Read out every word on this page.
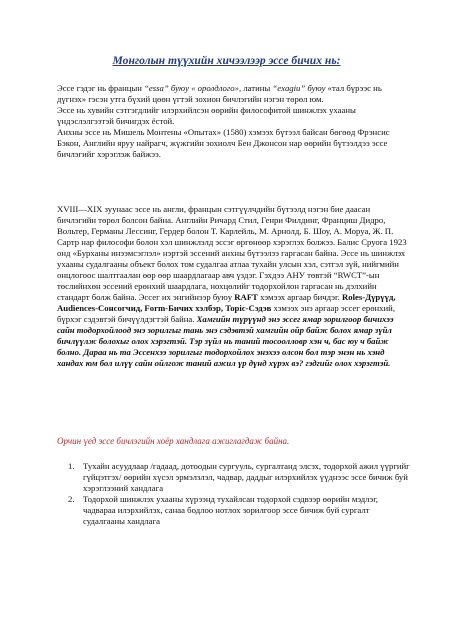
Монголын түүхийн хичээлээр эссе бичих нь:
Эссе гэдэг нь францын “essa” буюу « оролдлого», латины “exagiu” буюу «тал бүрээс нь дүгнэх» гэсэн утга бүхий цөөн үгтэй зохион бичлэгийн нэгэн төрөл юм.
Эссе нь хувийн сэтгэгдлийг илэрхийлсэн өөрийн философитой шинжлэх ухааны үндэслэлгээтэй бичигдэх ёстой.
Анхны эссе нь Мишель Монтены «Опытах» (1580) хэмээх бүтээл байсан бөгөөд Фрэнсис Бэкон, Английн яруу найрагч, жүжгийн зохиолч Бен Джонсон нар өөрийн бүтээлдээ эссе бичлэгийг хэрэглэж байжээ.
XVIII—XIX зуунаас эссе нь англи, францын сэтгүүлчдийн бүтээлд нэгэн бие даасан бичлэгийн төрөл болсон байна. Английн Ричард Стил, Генри Филдинг, Франциш Дидро, Вольтер, Германы Лессинг, Гердер болон Т. Карлейль, М. Арнолд, Б. Шоу, А. Моруа, Ж. П. Сартр нар философи болон хэл шинжлэлд эссэг өргөнөөр хэрэглэх болжээ. Балис Сруога 1923 онд «Бурханы инээмсэглэл» нэртэй эссений анхны бүтээлээ гаргасан байна. Эссе нь шинжлэх ухааны судалгааны объект болох том судалгаа атлаа тухайн улсын хэл, сэтгэл зүй, нийгмийн онцлогоос шалтгаалан өөр өөр шаардлагаар авч үздэг. Гэхдээ АНУ төвтэй “RWCT”-ын төслийнхөн эссений ерөнхий шаардлага, нохцөлийг тодорхойлон гаргасан нь дэлхийн стандарт болж байна. Эссег их энгийнээр буюу RAFT хэмээх аргаар бичдэг. Roles-Дүрүүд, Audiences-Сонсогчид, Form-Бичих хэлбэр, Topic-Сэдэв хэмээх энэ аргаар эссег ерөнхий, бүрхэг сэдэвтэй бичүүлдэгтэй байна. Хамгийн түрүүнд энэ эссег ямар зорилгоор бичихээ сайн тодорхойлоод энэ зорилгыг тань энэ сэдэвтэй хамгийн ойр байж болох ямар зүйл бичлүүлж болохыг олох хэрэгтэй. Тэр зүйл нь таний тосоолловр хэн ч, бас юу ч байж болно. Дараа нь та Эссенхээ зорилгыг тодорхойлох энэхээ олсон бол тэр энэн нь хэнд хандах юм бол илүү сайн ойлгож таний ажил үр дүнд хүрэх вэ? гэдгийг олох хэрэгтэй.
Орчин үед эссе бичлэгийн хоёр хандлага ажиглагдаж байна.
1. Тухайн асуудлаар /гадаад, дотоодын сургууль, сургалтанд элсэх, тодорхой ажил үүргийг гүйцэтгэх/ өөрийн хүсэл эрмэлзлэл, чадвар, даддыг илэрхийлэх үүднээс эссе бичиж буй хэрэглээний хандлага
2. Тодорхой шинжлэх ухааны хүрээнд тухайлсан тодорхой сэдвээр өөрийн мэдлэг, чадвараа илэрхийлэх, санаа бодлоо нотлох зорилгоор эссе бичиж буй сургалт судалгааны хандлага
